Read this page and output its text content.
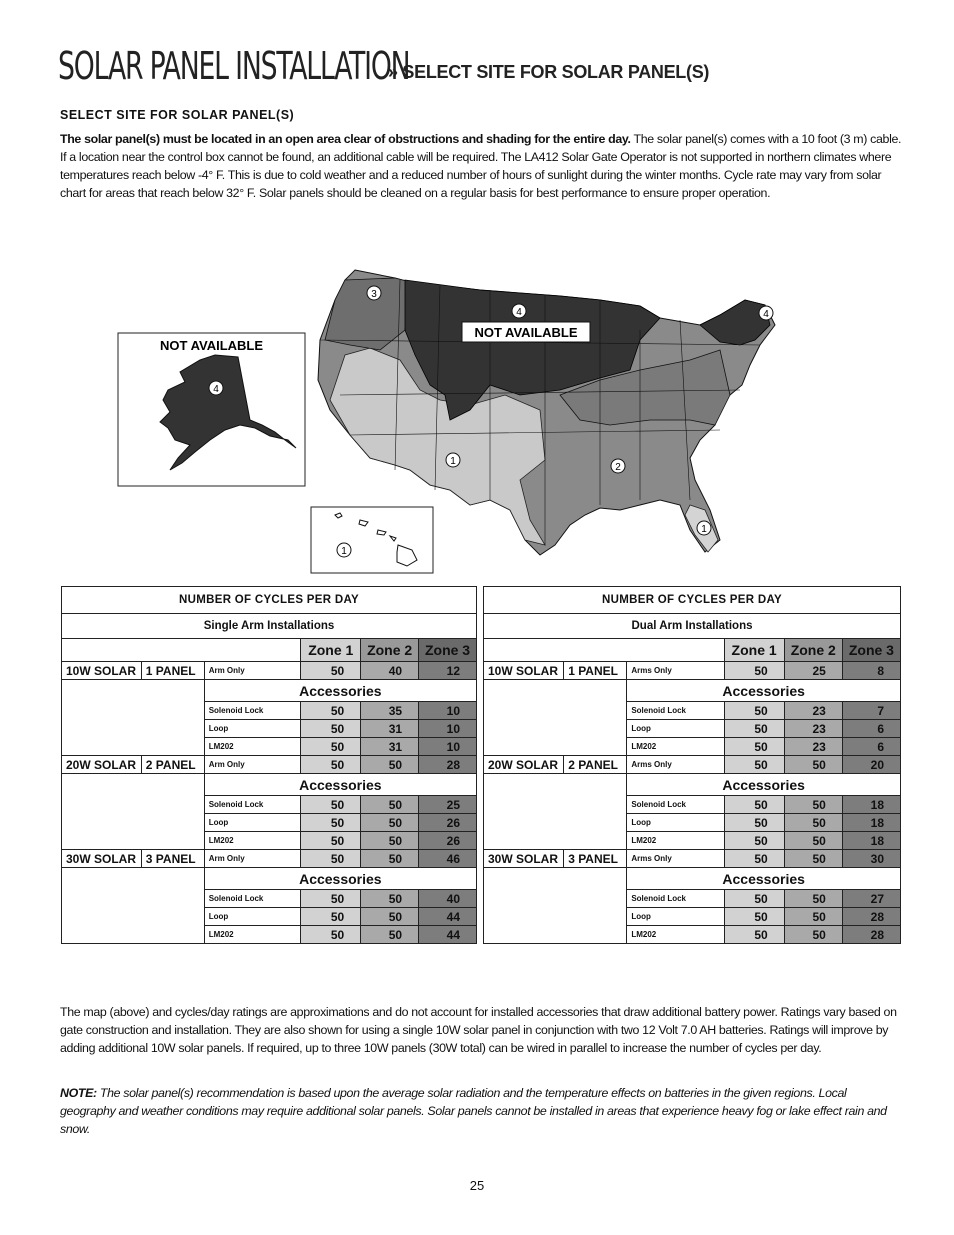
SOLAR PANEL INSTALLATION
» SELECT SITE FOR SOLAR PANEL(S)
SELECT SITE FOR SOLAR PANEL(S)

The solar panel(s) must be located in an open area clear of obstructions and shading for the entire day. The solar panel(s) comes with a 10 foot (3 m) cable. If a location near the control box cannot be found, an additional cable will be required. The LA412 Solar Gate Operator is not supported in northern climates where temperatures reach below -4° F. This is due to cold weather and a reduced number of hours of sunlight during the winter months. Cycle rate may vary from solar chart for areas that reach below 32° F. Solar panels should be cleaned on a regular basis for best performance to ensure proper operation.

4
NOT AVAILABLE
1
NOT AVAILABLE
3
4	4
1
2
1
NUMBER OF CYCLES PER DAY					
Single Arm Installations					
			Zone 1	Zone 2	Zone 3
10W SOLAR	1 PANEL	Arm Only	50	40	12
		Accessories			
		Solenoid Lock	50	35	10
		Loop	50	31	10
		LM202	50	31	10
20W SOLAR	2 PANEL	Arm Only	50	50	28
		Accessories			
		Solenoid Lock	50	50	25
		Loop	50	50	26
		LM202	50	50	26
30W SOLAR	3 PANEL	Arm Only	50	50	46
		Accessories			
		Solenoid Lock	50	50	40
		Loop	50	50	44
		LM202	50	50	44
NUMBER OF CYCLES PER DAY					
Dual Arm Installations					
			Zone 1	Zone 2	Zone 3
10W SOLAR	1 PANEL	Arms Only	50	25	8
		Accessories			
		Solenoid Lock	50	23	7
		Loop	50	23	6
		LM202	50	23	6
20W SOLAR	2 PANEL	Arms Only	50	50	20
		Accessories			
		Solenoid Lock	50	50	18
		Loop	50	50	18
		LM202	50	50	18
30W SOLAR	3 PANEL	Arms Only	50	50	30
		Accessories			
		Solenoid Lock	50	50	27
		Loop	50	50	28
		LM202	50	50	28

The map (above) and cycles/day ratings are approximations and do not account for installed accessories that draw additional battery power. Ratings vary based on gate construction and installation. They are also shown for using a single 10W solar panel in conjunction with two 12 Volt 7.0 AH batteries. Ratings will improve by adding additional 10W solar panels. If required, up to three 10W panels (30W total) can be wired in parallel to increase the number of cycles per day.

NOTE: The solar panel(s) recommendation is based upon the average solar radiation and the temperature effects on batteries in the given regions. Local geography and weather conditions may require additional solar panels. Solar panels cannot be installed in areas that experience heavy fog or lake effect rain and snow.

25
